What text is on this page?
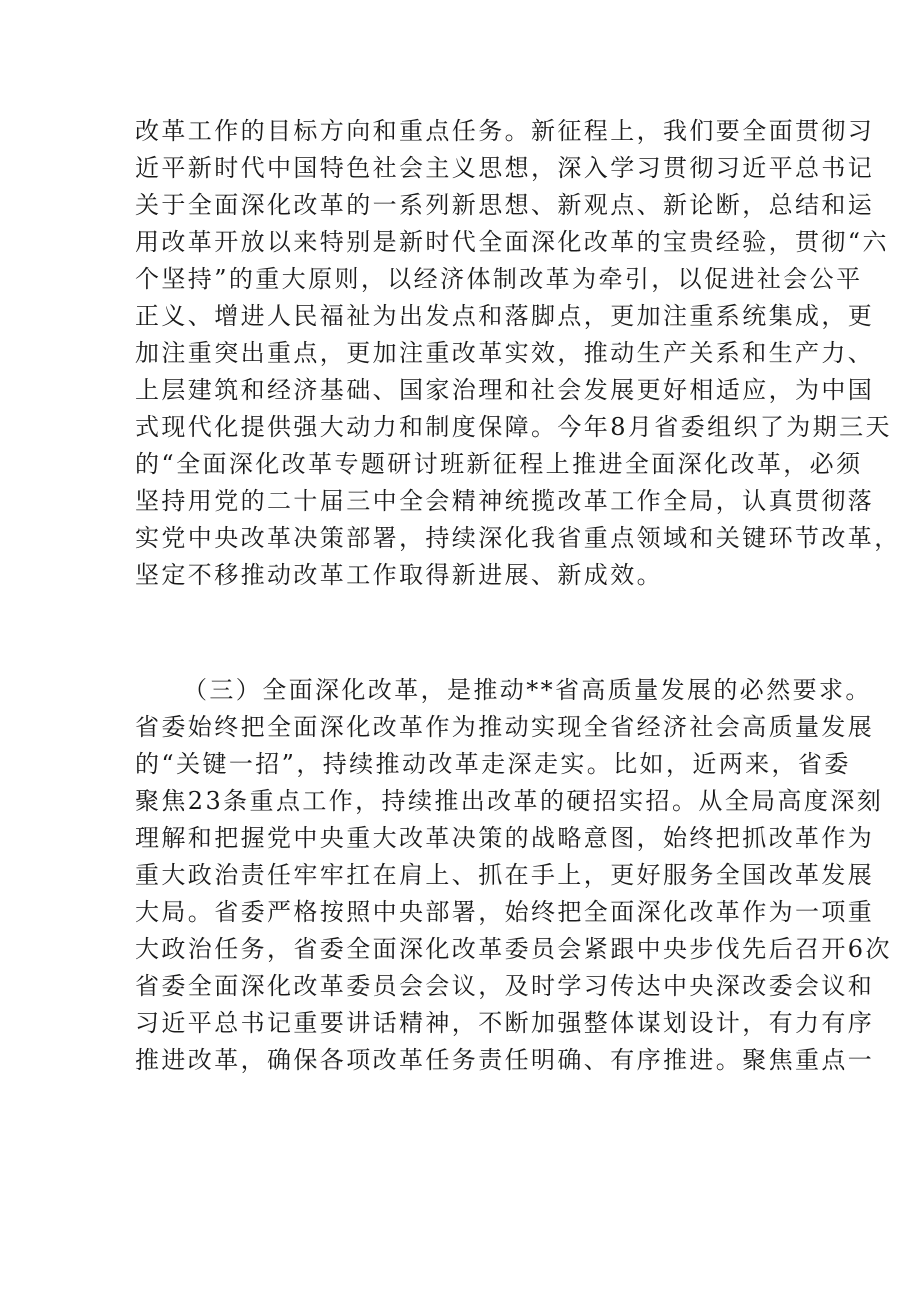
改革工作的目标方向和重点任务。新征程上，我们要全面贯彻习
近平新时代中国特色社会主义思想，深入学习贯彻习近平总书记
关于全面深化改革的一系列新思想、新观点、新论断，总结和运
用改革开放以来特别是新时代全面深化改革的宝贵经验，贯彻“六
个坚持”的重大原则，以经济体制改革为牵引，以促进社会公平
正义、增进人民福祉为出发点和落脚点，更加注重系统集成，更
加注重突出重点，更加注重改革实效，推动生产关系和生产力、
上层建筑和经济基础、国家治理和社会发展更好相适应，为中国
式现代化提供强大动力和制度保障。今年8月省委组织了为期三天
的“全面深化改革专题研讨班新征程上推进全面深化改革，必须
坚持用党的二十届三中全会精神统揽改革工作全局，认真贯彻落
实党中央改革决策部署，持续深化我省重点领域和关键环节改革，
坚定不移推动改革工作取得新进展、新成效。
（三）全面深化改革，是推动**省高质量发展的必然要求。
省委始终把全面深化改革作为推动实现全省经济社会高质量发展
的“关键一招”，持续推动改革走深走实。比如，近两来，省委
聚焦23条重点工作，持续推出改革的硬招实招。从全局高度深刻
理解和把握党中央重大改革决策的战略意图，始终把抓改革作为
重大政治责任牢牢扛在肩上、抓在手上，更好服务全国改革发展
大局。省委严格按照中央部署，始终把全面深化改革作为一项重
大政治任务，省委全面深化改革委员会紧跟中央步伐先后召开6次
省委全面深化改革委员会会议，及时学习传达中央深改委会议和
习近平总书记重要讲话精神，不断加强整体谋划设计，有力有序
推进改革，确保各项改革任务责任明确、有序推进。聚焦重点一
